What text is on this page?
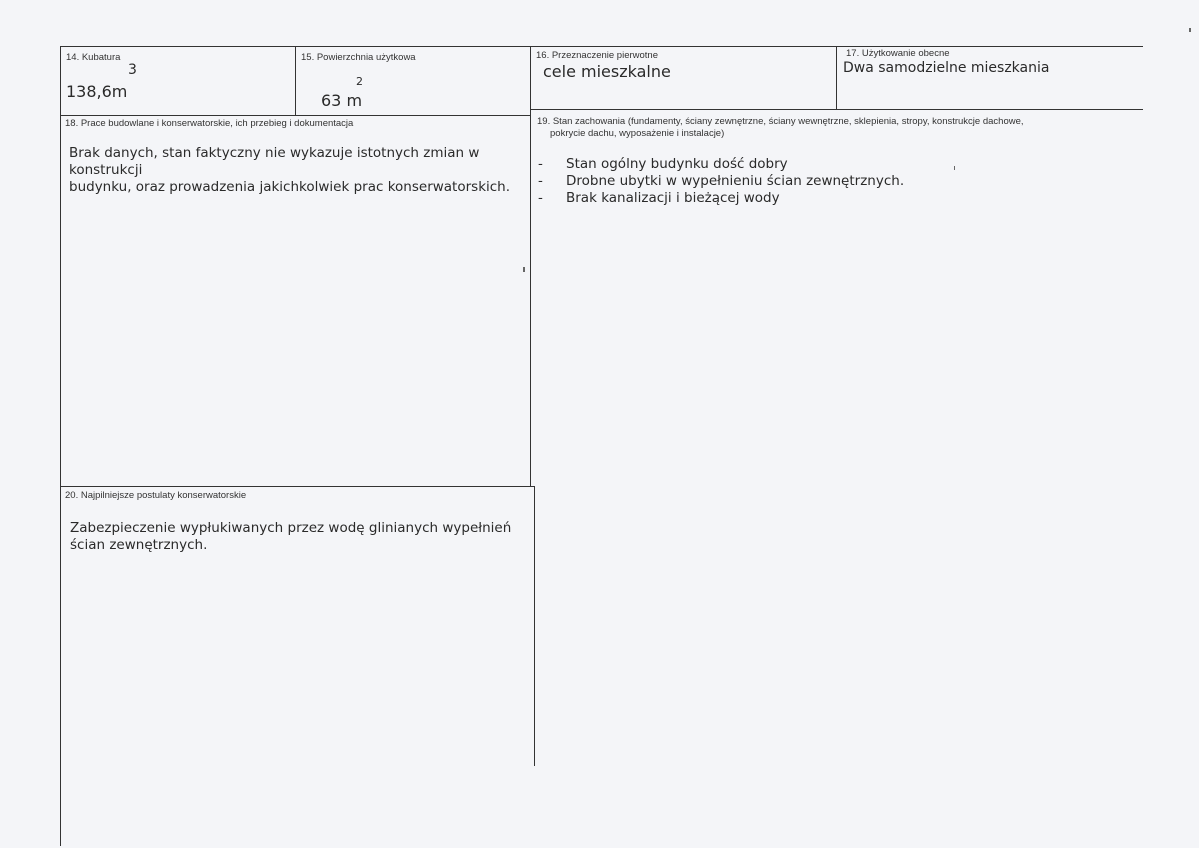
14. Kubatura
3
138,6m
15. Powierzchnia użytkowa
2
63 m
16. Przeznaczenie pierwotne
cele mieszkalne
17. Użytkowanie obecne
Dwa samodzielne mieszkania
18. Prace budowlane i konserwatorskie, ich przebieg i dokumentacja
Brak danych, stan faktyczny nie wykazuje istotnych zmian w konstrukcji
budynku, oraz prowadzenia jakichkolwiek prac konserwatorskich.
19. Stan zachowania (fundamenty, ściany zewnętrzne, ściany wewnętrzne, sklepienia, stropy, konstrukcje dachowe,
pokrycie dachu, wyposażenie i instalacje)
- Stan ogólny budynku dość dobry
- Drobne ubytki w wypełnieniu ścian zewnętrznych.
- Brak kanalizacji i bieżącej wody
20. Najpilniejsze postulaty konserwatorskie
Zabezpieczenie wypłukiwanych przez wodę glinianych wypełnień
ścian zewnętrznych.
